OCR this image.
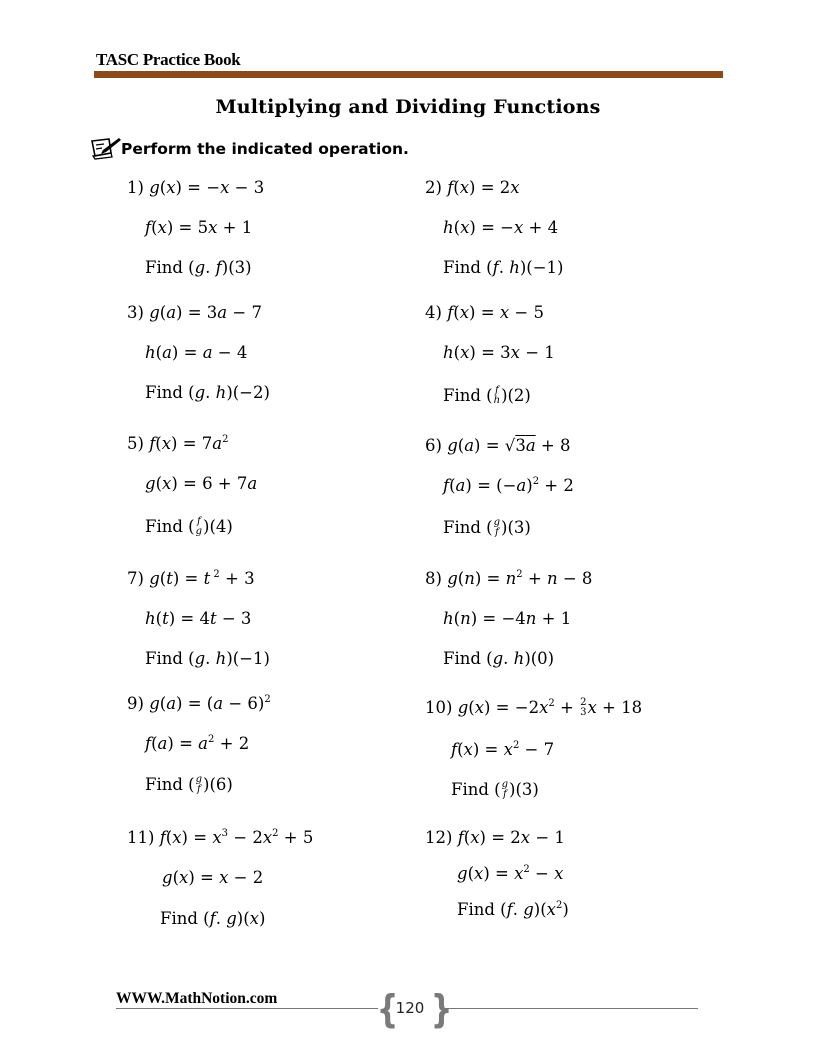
TASC Practice Book
Multiplying and Dividing Functions
Perform the indicated operation.
1) g(x) = −x − 3
f(x) = 5x + 1
Find (g. f)(3)
3) g(a) = 3a − 7
h(a) = a − 4
Find (g. h)(−2)
5) $f(x) = 7a^2$
g(x) = 6 + 7a
Find ( f
g )(4)
7) g(t) = t $^2$ + 3
h(t) = 4t − 3
Find (g. h)(−1)
9) $g(a) = (a - 6)^2$
$f(a) = a^2 + 2$
Find ( g
f )(6)
11) $f(x) = x^3 - 2x^2 + 5$
g(x) = x − 2
Find (f. g)(x)
2) f(x) = 2x
h(x) = −x + 4
Find (f. h)(−1)
4) f(x) = x − 5
h(x) = 3x − 1
Find ( f
h )(2)
6) g(a) = √3a + 8
$f(a) = (-a)^2 + 2$
Find ( g
f )(3)
8) $g(n) = n^2 + n - 8$
h(n) = −4n + 1
Find (g. h)(0)
10) $g(x) = -2x^2 + 2$
3 x + 18
$f(x) = x^2 - 7$
Find ( g
f )(3)
12) f(x) = 2x − 1
$g(x) = x^2 - x$
Find (f. $g)(x^2)$
WWW.MathNotion.com	{ }
120
